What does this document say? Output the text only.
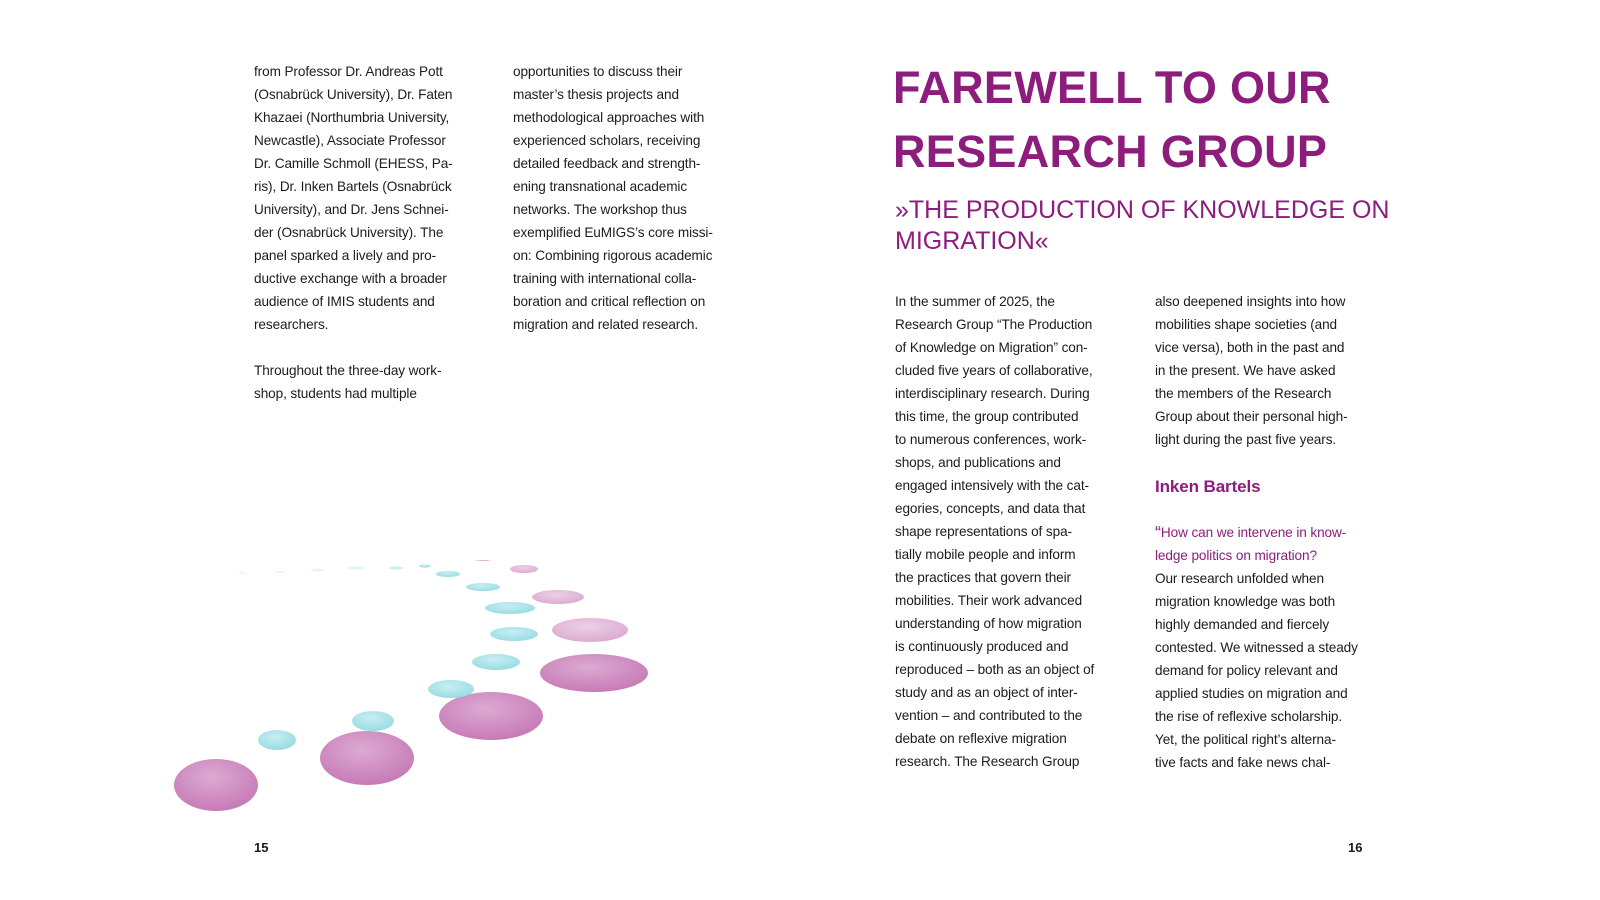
from Professor Dr. Andreas Pott
(Osnabrück University), Dr. Faten
Khazaei (Northumbria University,
Newcastle), Associate Professor
Dr. Camille Schmoll (EHESS, Pa-
ris), Dr. Inken Bartels (Osnabrück
University), and Dr. Jens Schnei-
der (Osnabrück University). The
panel sparked a lively and pro-
ductive exchange with a broader
audience of IMIS students and
researchers.
Throughout the three-day work-
shop, students had multiple
opportunities to discuss their
master’s thesis projects and
methodological approaches with
experienced scholars, receiving
detailed feedback and strength-
ening transnational academic
networks. The workshop thus
exemplified EuMIGS’s core missi-
on: Combining rigorous academic
training with international colla-
boration and critical reflection on
migration and related research.
15
FAREWELL TO OUR
RESEARCH GROUP
»THE PRODUCTION OF KNOWLEDGE ON
MIGRATION«
In the summer of 2025, the
Research Group “The Production
of Knowledge on Migration” con-
cluded five years of collaborative,
interdisciplinary research. During
this time, the group contributed
to numerous conferences, work-
shops, and publications and
engaged intensively with the cat-
egories, concepts, and data that
shape representations of spa-
tially mobile people and inform
the practices that govern their
mobilities. Their work advanced
understanding of how migration
is continuously produced and
reproduced – both as an object of
study and as an object of inter-
vention – and contributed to the
debate on reflexive migration
research. The Research Group
also deepened insights into how
mobilities shape societies (and
vice versa), both in the past and
in the present. We have asked
the members of the Research
Group about their personal high-
light during the past five years.
Inken Bartels
“How can we intervene in know-
ledge politics on migration?
Our research unfolded when
migration knowledge was both
highly demanded and fiercely
contested. We witnessed a steady
demand for policy relevant and
applied studies on migration and
the rise of reflexive scholarship.
Yet, the political right’s alterna-
tive facts and fake news chal-
16
